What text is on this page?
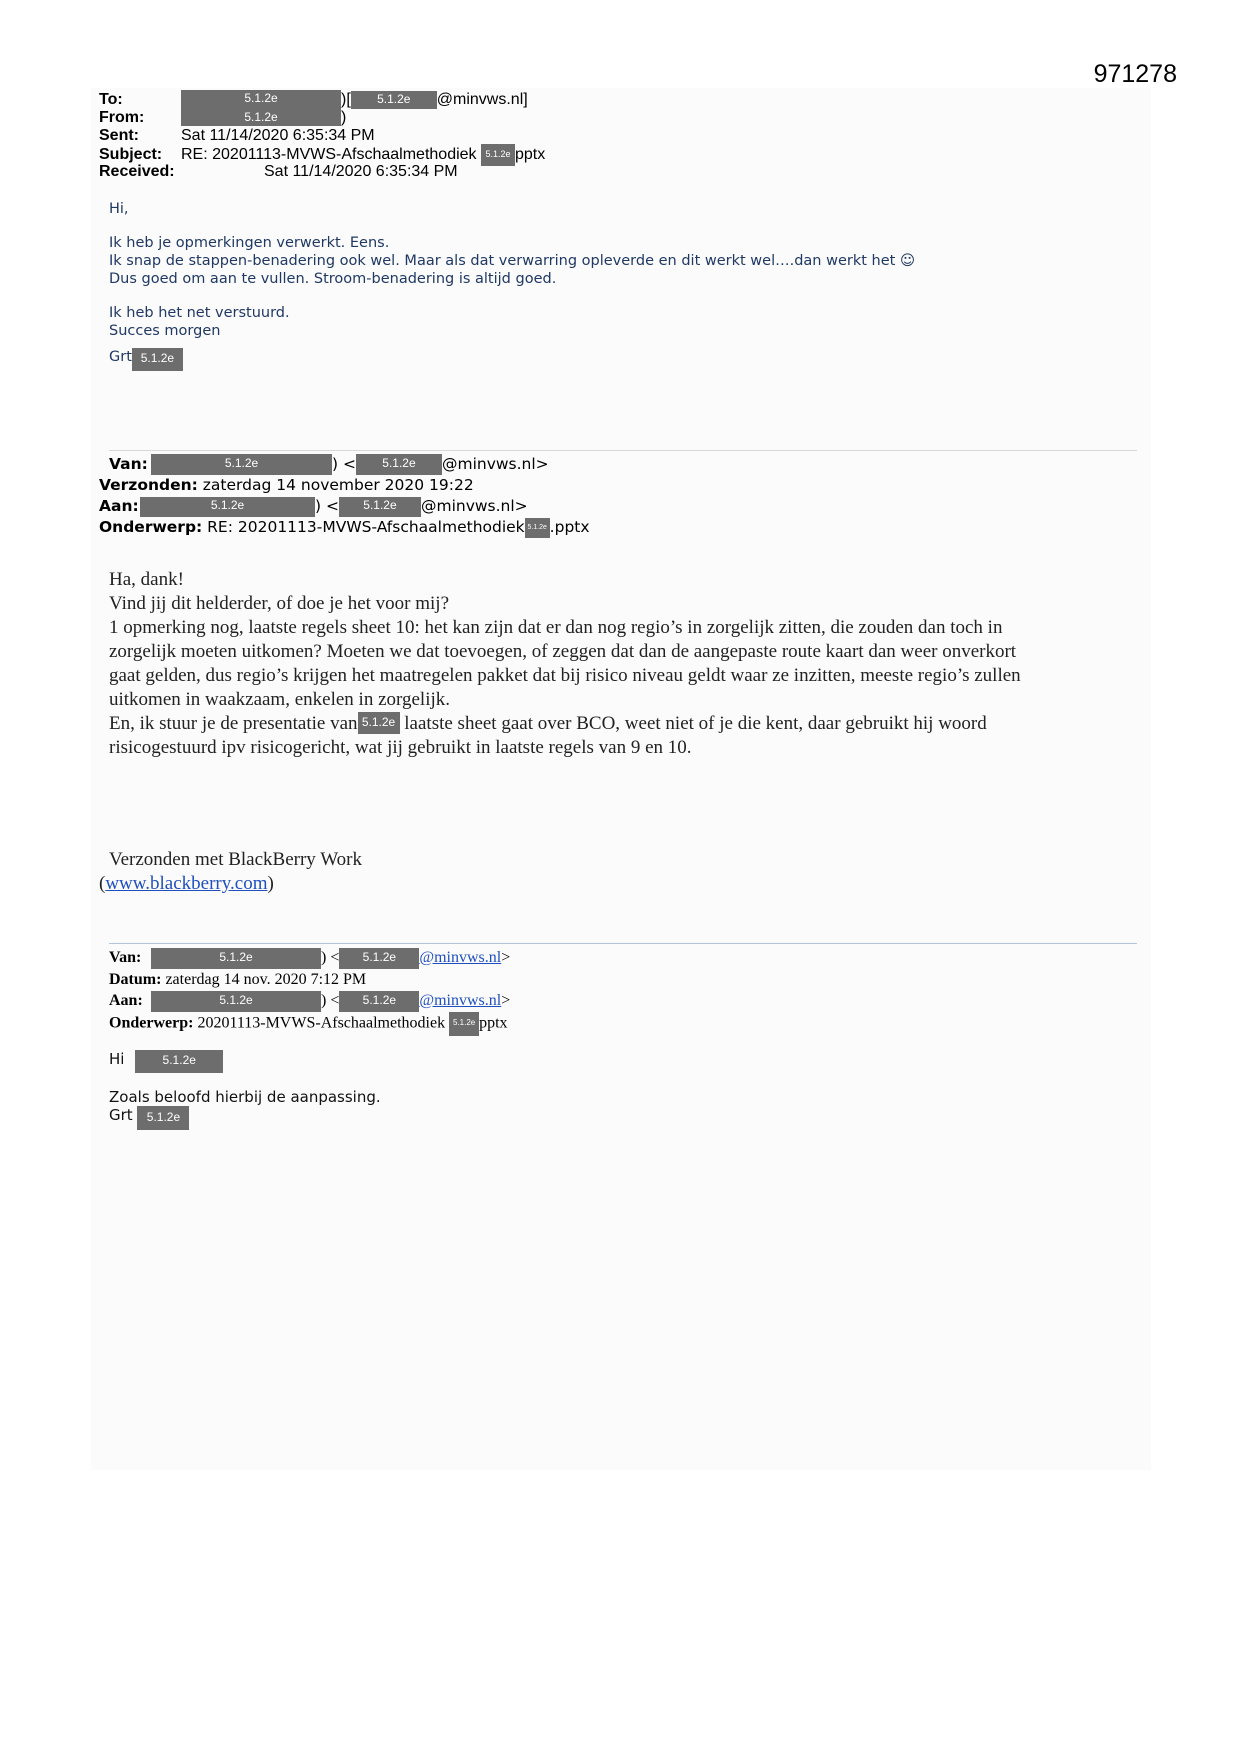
971278
To:	5.1.2e	)[ 5.1.2e @minvws.nl]
From:	5.1.2e	)
Sent:	Sat 11/14/2020 6:35:34 PM
Subject: RE: 20201113-MVWS-Afschaalmethodiek 5.1.2e pptx
Received:	Sat 11/14/2020 6:35:34 PM
Hi,
Ik heb je opmerkingen verwerkt. Eens.
Ik snap de stappen-benadering ook wel. Maar als dat verwarring opleverde en dit werkt wel….dan werkt het ☺
Dus goed om aan te vullen. Stroom-benadering is altijd goed.
Ik heb het net verstuurd.
Succes morgen
Grt 5.1.2e
Van:	5.1.2e	) < 5.1.2e @minvws.nl>
Verzonden: zaterdag 14 november 2020 19:22
Aan:	5.1.2e	) < 5.1.2e @minvws.nl>
Onderwerp: RE: 20201113-MVWS-Afschaalmethodiek 5.1.2e .pptx
Ha, dank!
Vind jij dit helderder, of doe je het voor mij?
1 opmerking nog, laatste regels sheet 10: het kan zijn dat er dan nog regio’s in zorgelijk zitten, die zouden dan toch in
zorgelijk moeten uitkomen? Moeten we dat toevoegen, of zeggen dat dan de aangepaste route kaart dan weer onverkort
gaat gelden, dus regio’s krijgen het maatregelen pakket dat bij risico niveau geldt waar ze inzitten, meeste regio’s zullen
uitkomen in waakzaam, enkelen in zorgelijk.
En, ik stuur je de presentatie van 5.1.2e laatste sheet gaat over BCO, weet niet of je die kent, daar gebruikt hij woord
risicogestuurd ipv risicogericht, wat jij gebruikt in laatste regels van 9 en 10.
Verzonden met BlackBerry Work
(www.blackberry.com)
Van:	5.1.2e	) < 5.1.2e @minvws.nl>
Datum: zaterdag 14 nov. 2020 7:12 PM
Aan:	5.1.2e	) < 5.1.2e @minvws.nl>
Onderwerp: 20201113-MVWS-Afschaalmethodiek 5.1.2e pptx
Hi	5.1.2e
Zoals beloofd hierbij de aanpassing.
Grt 5.1.2e
